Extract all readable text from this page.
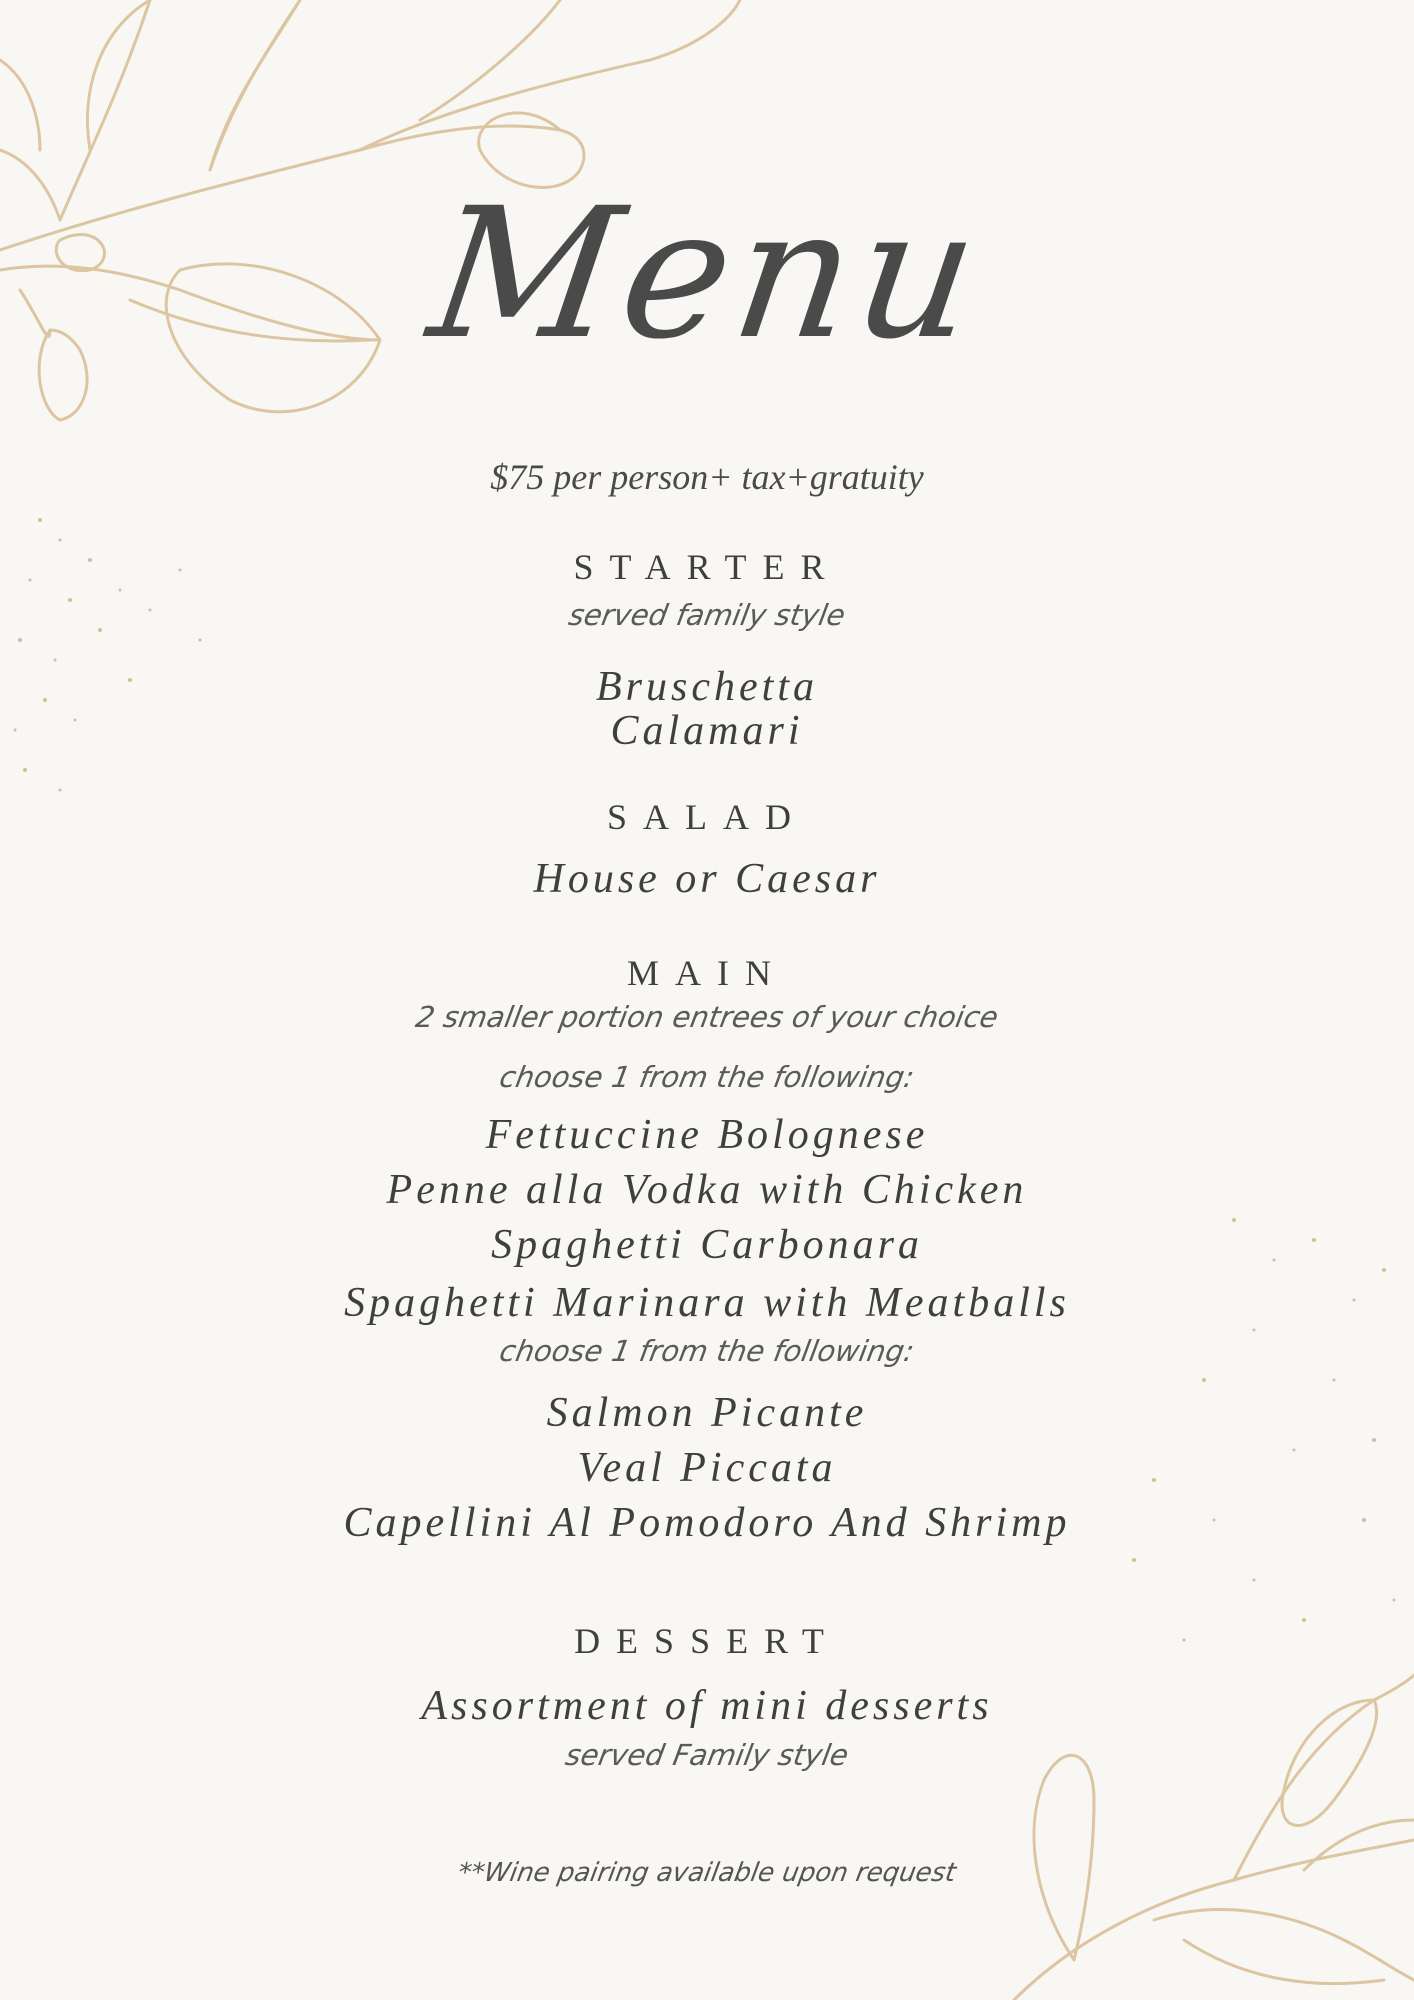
Menu
$75 per person+ tax+gratuity
STARTER
served family style
Bruschetta
Calamari
SALAD
House or Caesar
MAIN
2 smaller portion entrees of your choice
choose 1 from the following:
Fettuccine Bolognese
Penne alla Vodka with Chicken
Spaghetti Carbonara
Spaghetti Marinara with Meatballs
choose 1 from the following:
Salmon Picante
Veal Piccata
Capellini Al Pomodoro And Shrimp
DESSERT
Assortment of mini desserts
served Family style
**Wine pairing available upon request
